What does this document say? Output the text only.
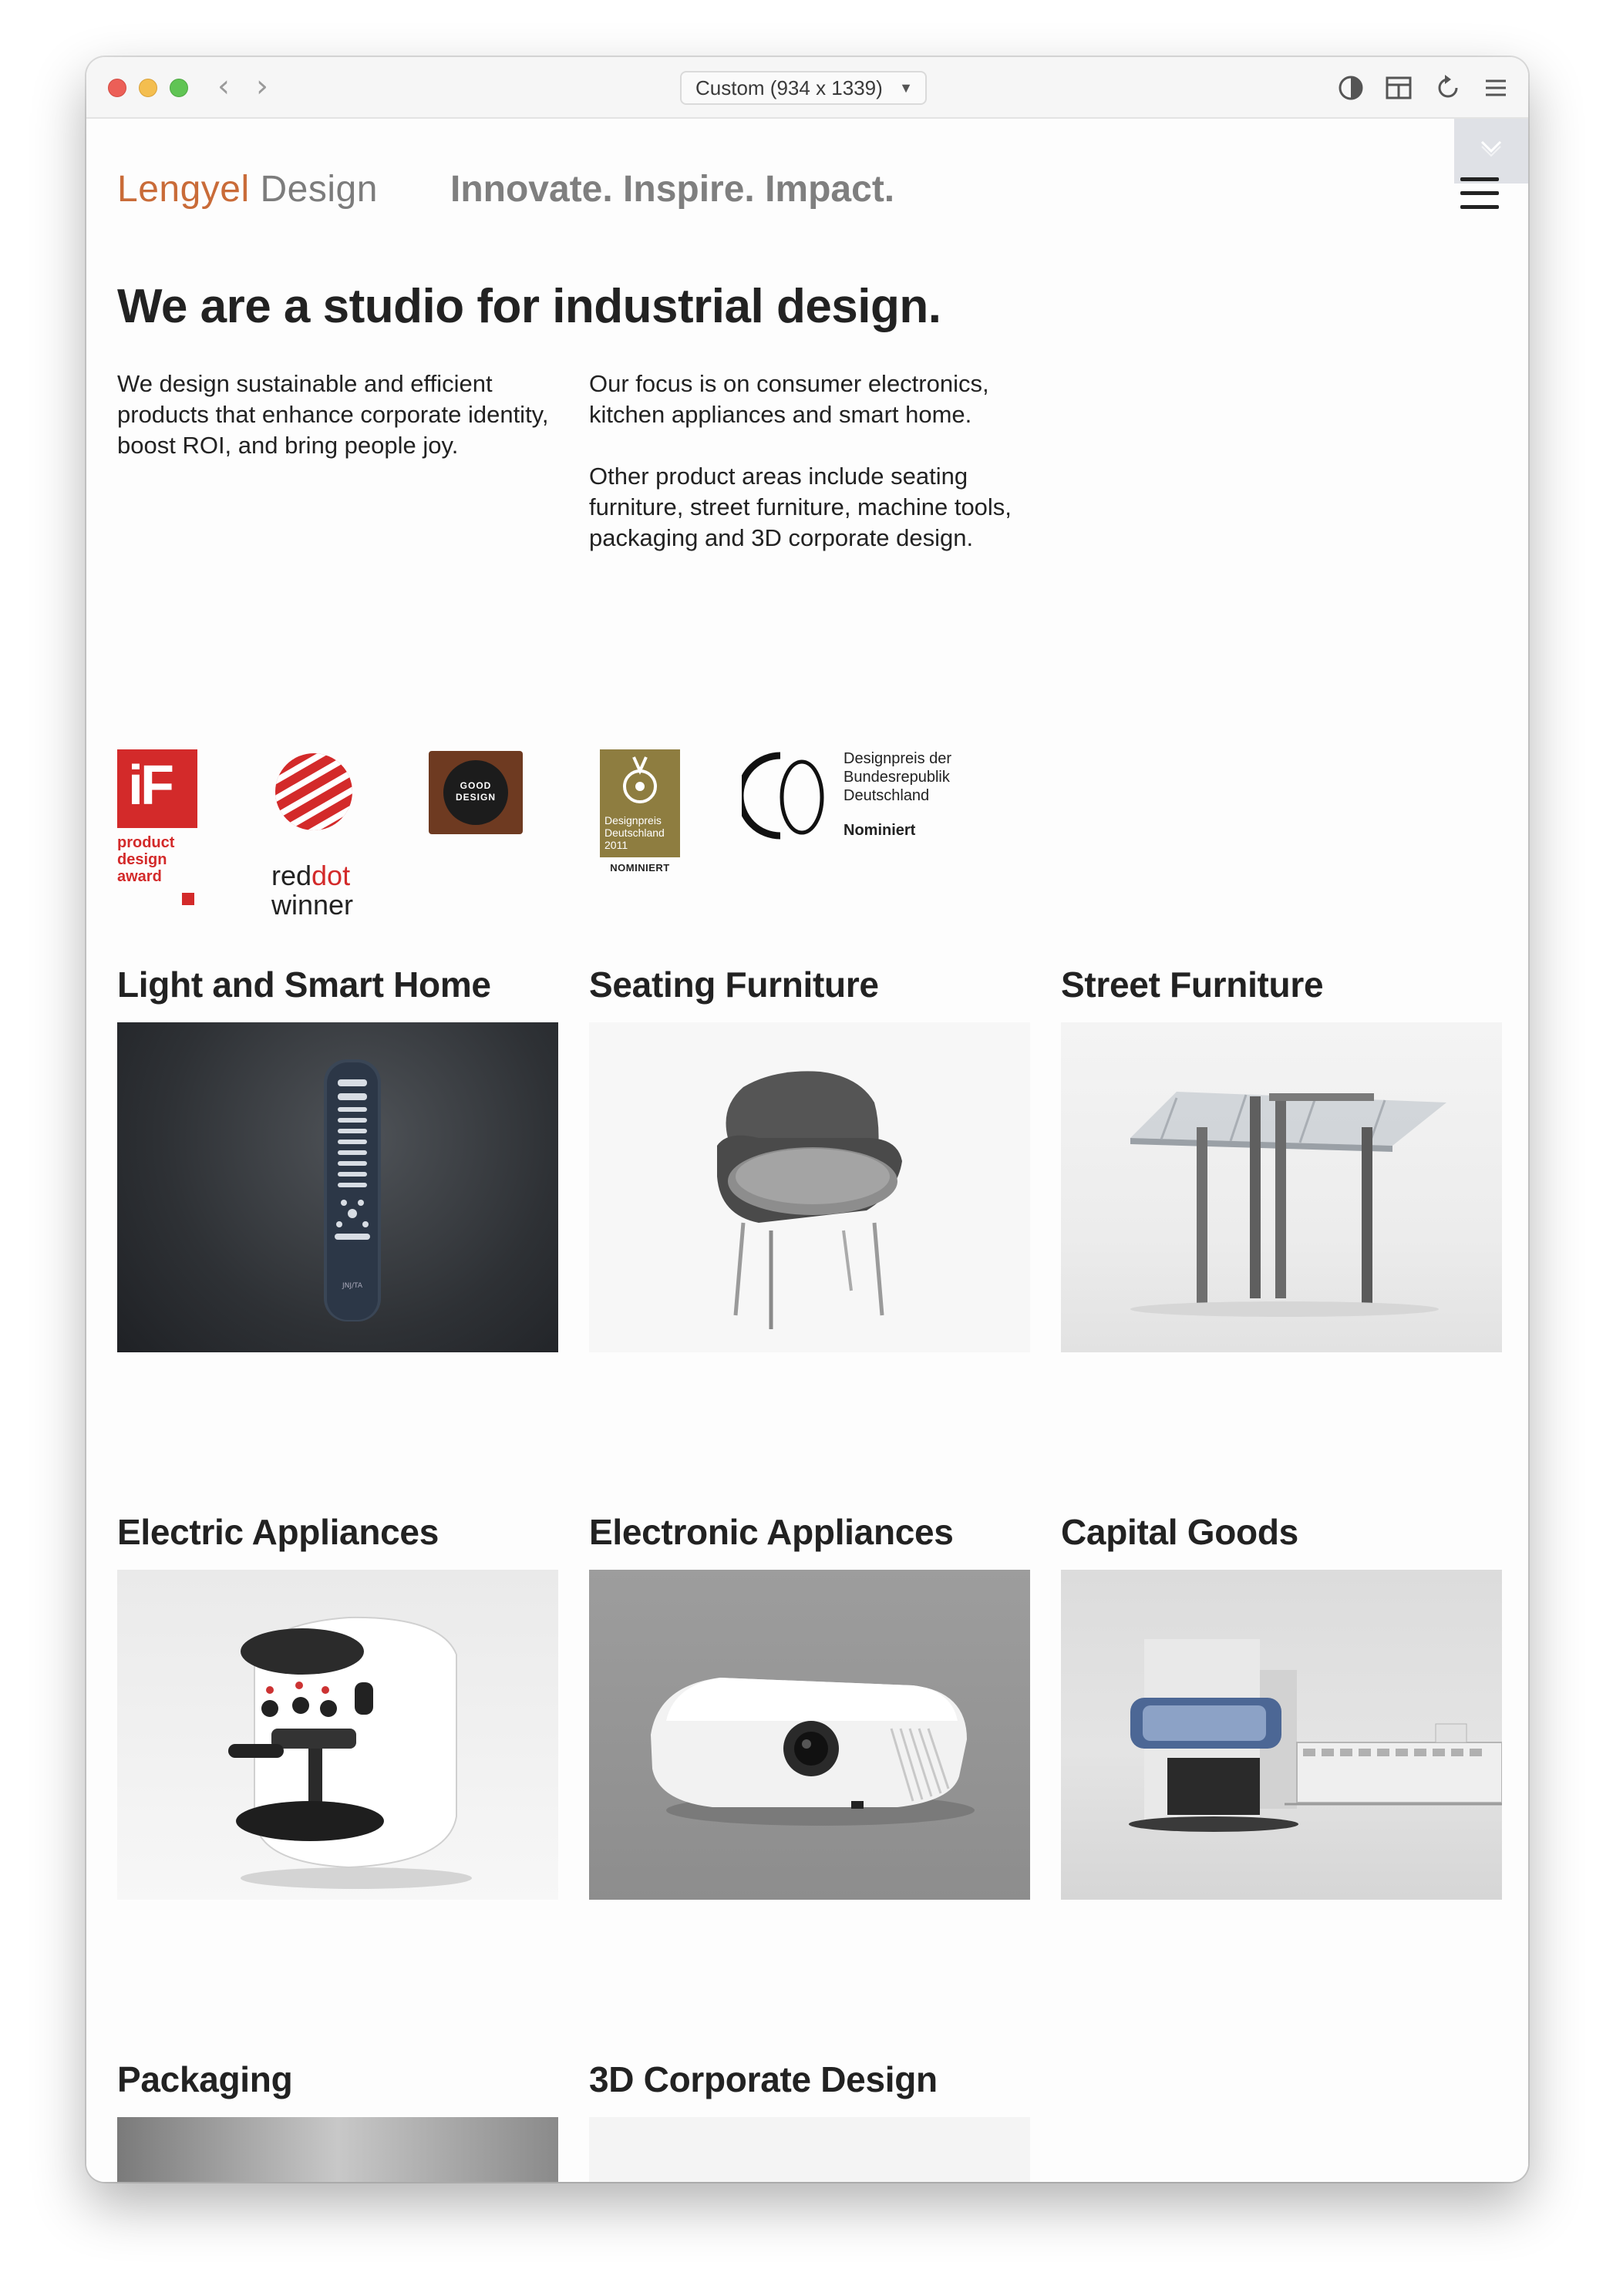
‹ ›	Custom (934 x 1339) ▼
Lengyel Design Innovate. Inspire. Impact.
We are a studio for industrial design.
We design sustainable and efficient products that enhance corporate identity, boost ROI, and bring people joy.

Our focus is on consumer electronics, kitchen appliances and smart home.

Other product areas include seating furniture, street furniture, machine tools, packaging and 3D corporate design.

iF
product
design
award	reddot
winner
GOOD
DESIGN
Designpreis
Deutschland
2011
NOMINIERT
Designpreis der
Bundesrepublik
Deutschland
Nominiert
Light and Smart Home
JNJ/TA
Seating Furniture	Street Furniture
Electric Appliances	Electronic Appliances	Capital Goods
Packaging	3D Corporate Design
